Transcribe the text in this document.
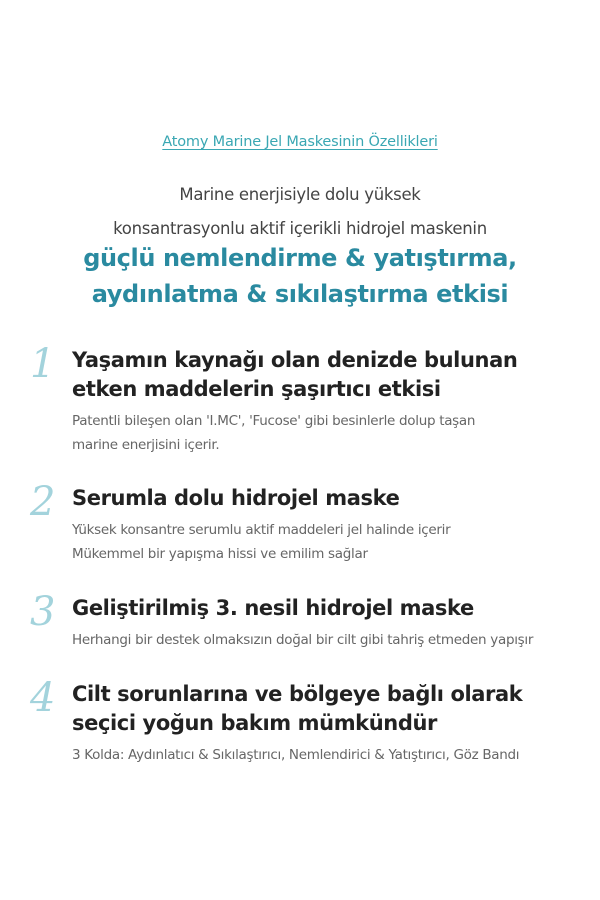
Atomy Marine Jel Maskesinin Özellikleri
Marine enerjisiyle dolu yüksek
konsantrasyonlu aktif içerikli hidrojel maskenin
güçlü nemlendirme & yatıştırma,
aydınlatma & sıkılaştırma etkisi
1 Yaşamın kaynağı olan denizde bulunan
etken maddelerin şaşırtıcı etkisi
Patentli bileşen olan 'I.MC', 'Fucose' gibi besinlerle dolup taşan
marine enerjisini içerir.
2 Serumla dolu hidrojel maske
Yüksek konsantre serumlu aktif maddeleri jel halinde içerir
Mükemmel bir yapışma hissi ve emilim sağlar
3 Geliştirilmiş 3. nesil hidrojel maske
Herhangi bir destek olmaksızın doğal bir cilt gibi tahriş etmeden yapışır
4 Cilt sorunlarına ve bölgeye bağlı olarak
seçici yoğun bakım mümkündür
3 Kolda: Aydınlatıcı & Sıkılaştırıcı, Nemlendirici & Yatıştırıcı, Göz Bandı
